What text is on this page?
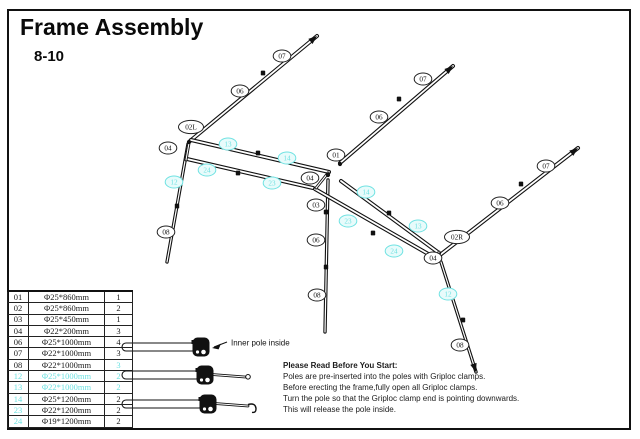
Frame Assembly
8-10	07
06
02L
04
12
08
13
14
24
23
07
06
01
04
03
06
08
14
13
23
24
07
06
02R
04
12
08
Inner pole inside
01	Φ25*860mm	1
02	Φ25*860mm	2
03	Φ25*450mm	1
04	Φ22*200mm	3
06	Φ25*1000mm	4
07	Φ22*1000mm	3
08	Φ22*1000mm	3
12	Φ25*1000mm	2
13	Φ22*1000mm	2
14	Φ25*1200mm	2
23	Φ22*1200mm	2
24	Φ19*1200mm	2
Please Read Before You Start:
Poles are pre-inserted into the poles with Griploc clamps.
Before erecting the frame,fully open all Griploc clamps.
Turn the pole so that the Griploc clamp end is pointing downwards.
This will release the pole inside.
